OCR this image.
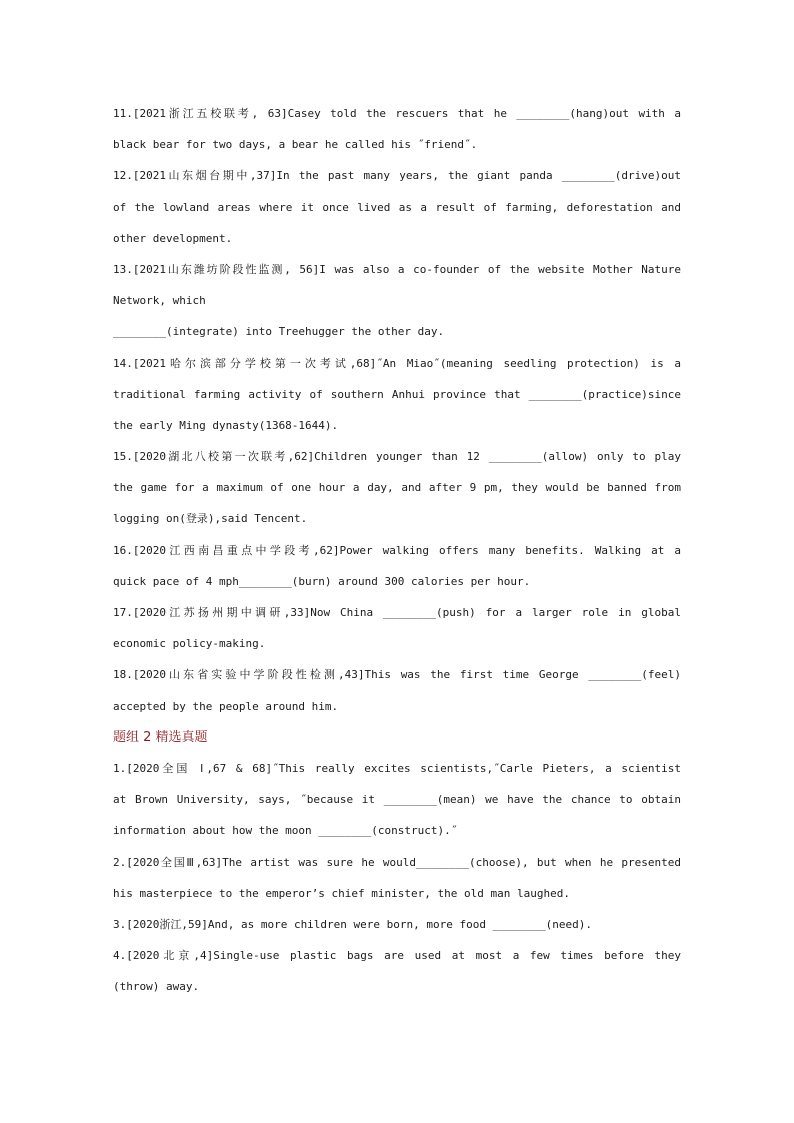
11.[2021浙江五校联考, 63]Casey told the rescuers that he ________(hang)out with a
black bear for two days, a bear he called his ˝friend˝.
12.[2021山东烟台期中,37]In the past many years, the giant panda ________(drive)out
of the lowland areas where it once lived as a result of farming, deforestation and
other development.
13.[2021山东潍坊阶段性监测, 56]I was also a co-founder of the website Mother Nature
Network, which
________(integrate) into Treehugger the other day.
14.[2021哈尔滨部分学校第一次考试,68]˝An Miao˝(meaning seedling protection) is a
traditional farming activity of southern Anhui province that ________(practice)since
the early Ming dynasty(1368-1644).
15.[2020湖北八校第一次联考,62]Children younger than 12 ________(allow) only to play
the game for a maximum of one hour a day, and after 9 pm, they would be banned from
logging on(登录),said Tencent.
16.[2020江西南昌重点中学段考,62]Power walking offers many benefits. Walking at a
quick pace of 4 mph________(burn) around 300 calories per hour.
17.[2020江苏扬州期中调研,33]Now China ________(push) for a larger role in global
economic policy-making.
18.[2020山东省实验中学阶段性检测,43]This was the first time George ________(feel)
accepted by the people around him.
题组 2 精选真题
1.[2020全国 Ⅰ,67 & 68]˝This really excites scientists,˝Carle Pieters, a scientist
at Brown University, says, ˝because it ________(mean) we have the chance to obtain
information about how the moon ________(construct).˝
2.[2020全国Ⅲ,63]The artist was sure he would________(choose), but when he presented
his masterpiece to the emperor’s chief minister, the old man laughed.
3.[2020浙江,59]And, as more children were born, more food ________(need).
4.[2020北京,4]Single-use plastic bags are used at most a few times before they
(throw) away.
